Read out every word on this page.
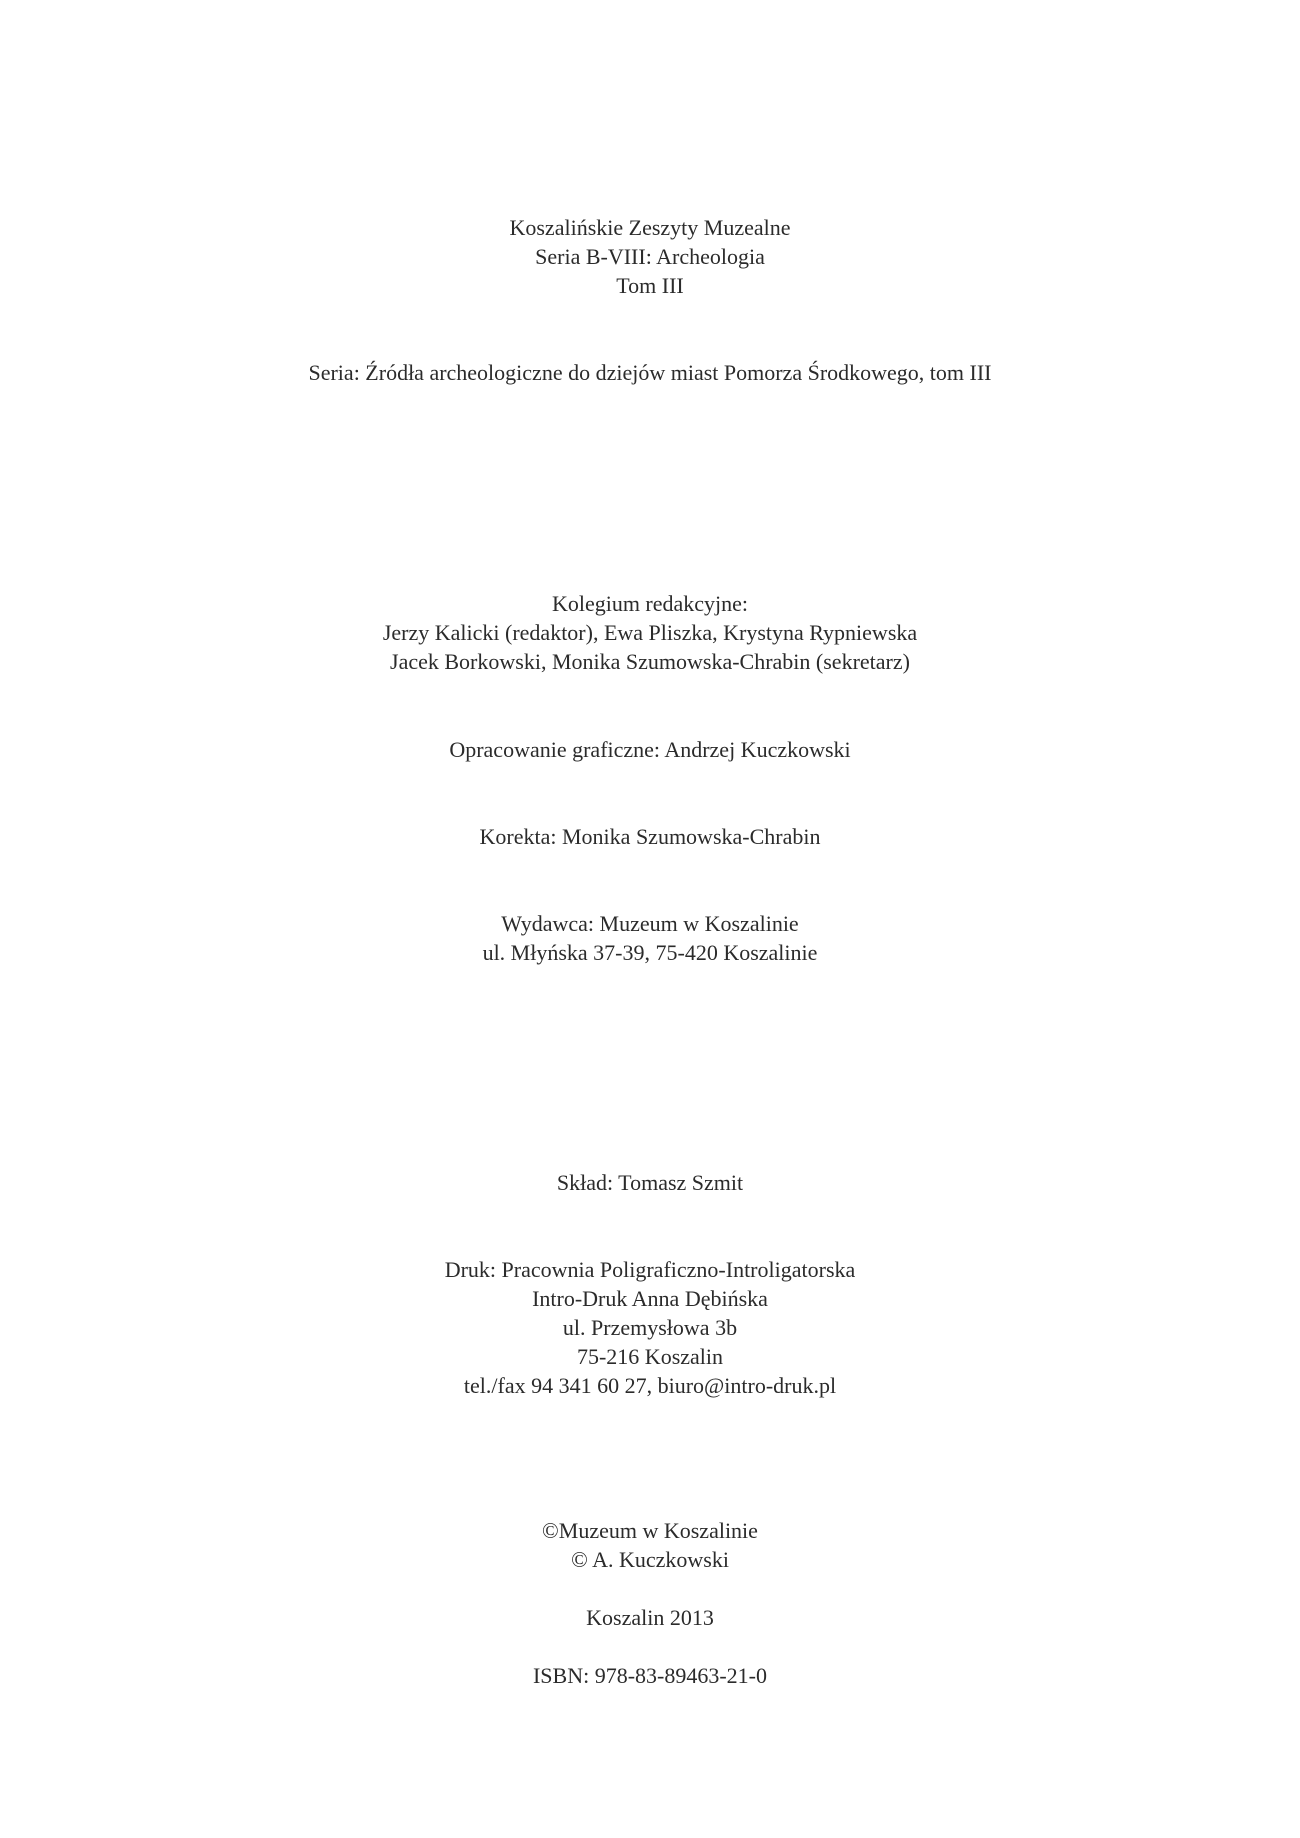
Koszalińskie Zeszyty Muzealne
Seria B-VIII: Archeologia
Tom III
Seria: Źródła archeologiczne do dziejów miast Pomorza Środkowego, tom III
Kolegium redakcyjne:
Jerzy Kalicki (redaktor), Ewa Pliszka, Krystyna Rypniewska
Jacek Borkowski, Monika Szumowska-Chrabin (sekretarz)
Opracowanie graficzne: Andrzej Kuczkowski
Korekta: Monika Szumowska-Chrabin
Wydawca: Muzeum w Koszalinie
ul. Młyńska 37-39, 75-420 Koszalinie
Skład: Tomasz Szmit
Druk: Pracownia Poligraficzno-Introligatorska
Intro-Druk Anna Dębińska
ul. Przemysłowa 3b
75-216 Koszalin
tel./fax 94 341 60 27, biuro@intro-druk.pl
©Muzeum w Koszalinie
© A. Kuczkowski
Koszalin 2013
ISBN: 978-83-89463-21-0
